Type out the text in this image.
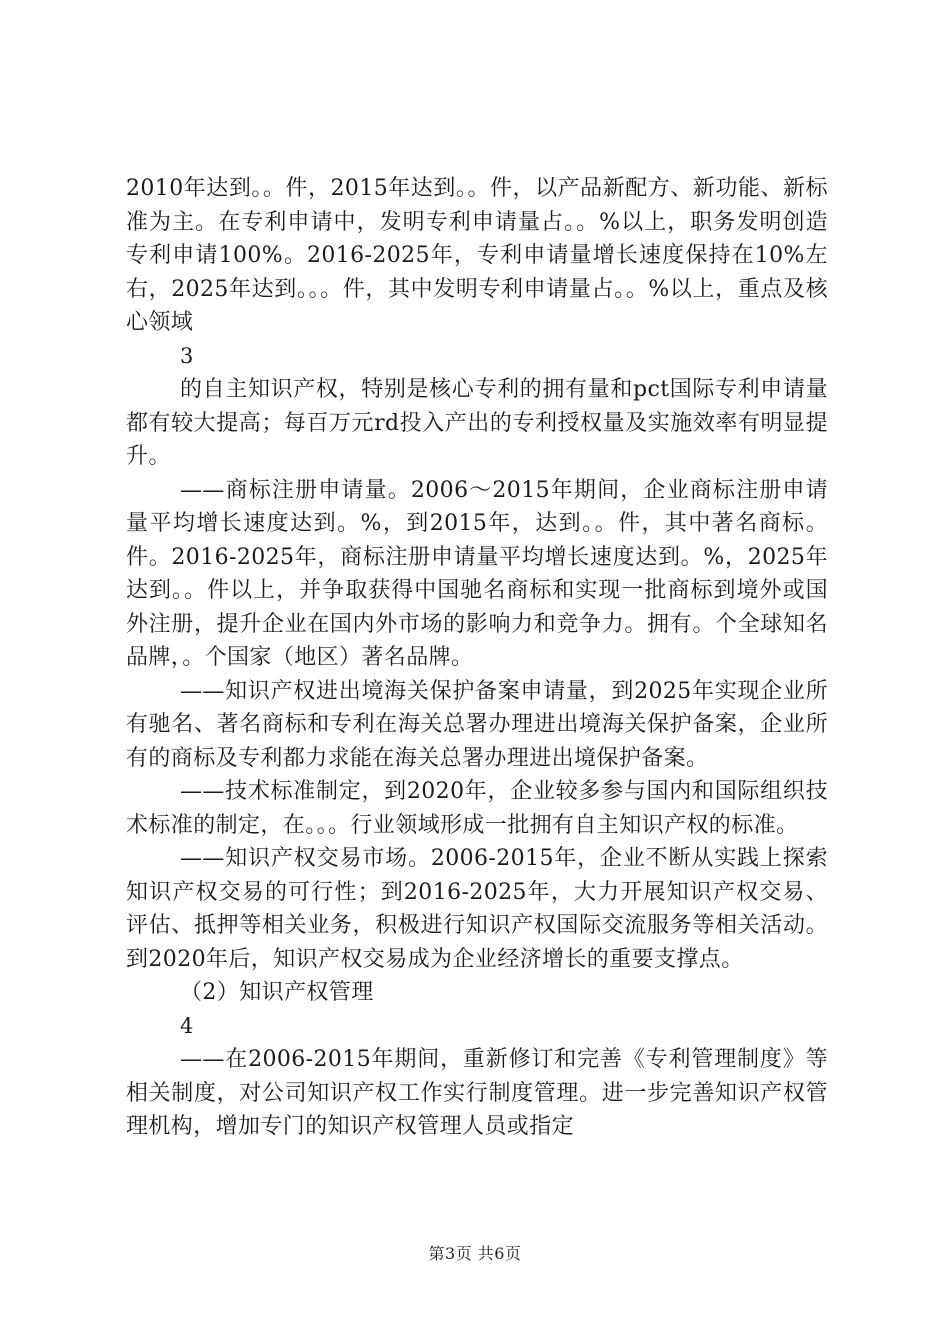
2010年达到。。件，2015年达到。。件，以产品新配方、新功能、新标准为主。在专利申请中，发明专利申请量占。。%以上，职务发明创造专利申请100%。2016-2025年，专利申请量增长速度保持在10%左右，2025年达到。。。件，其中发明专利申请量占。。%以上，重点及核心领域

3

的自主知识产权，特别是核心专利的拥有量和pct国际专利申请量都有较大提高；每百万元rd投入产出的专利授权量及实施效率有明显提升。

——商标注册申请量。2006～2015年期间，企业商标注册申请量平均增长速度达到。%，到2015年，达到。。件，其中著名商标。件。2016-2025年，商标注册申请量平均增长速度达到。%，2025年达到。。件以上，并争取获得中国驰名商标和实现一批商标到境外或国外注册，提升企业在国内外市场的影响力和竞争力。拥有。个全球知名品牌，。个国家（地区）著名品牌。

——知识产权进出境海关保护备案申请量，到2025年实现企业所有驰名、著名商标和专利在海关总署办理进出境海关保护备案，企业所有的商标及专利都力求能在海关总署办理进出境保护备案。

——技术标准制定，到2020年，企业较多参与国内和国际组织技术标准的制定，在。。。行业领域形成一批拥有自主知识产权的标准。

——知识产权交易市场。2006-2015年，企业不断从实践上探索知识产权交易的可行性；到2016-2025年，大力开展知识产权交易、评估、抵押等相关业务，积极进行知识产权国际交流服务等相关活动。到2020年后，知识产权交易成为企业经济增长的重要支撑点。

（2）知识产权管理

4

——在2006-2015年期间，重新修订和完善《专利管理制度》等相关制度，对公司知识产权工作实行制度管理。进一步完善知识产权管理机构，增加专门的知识产权管理人员或指定

第3页 共6页
